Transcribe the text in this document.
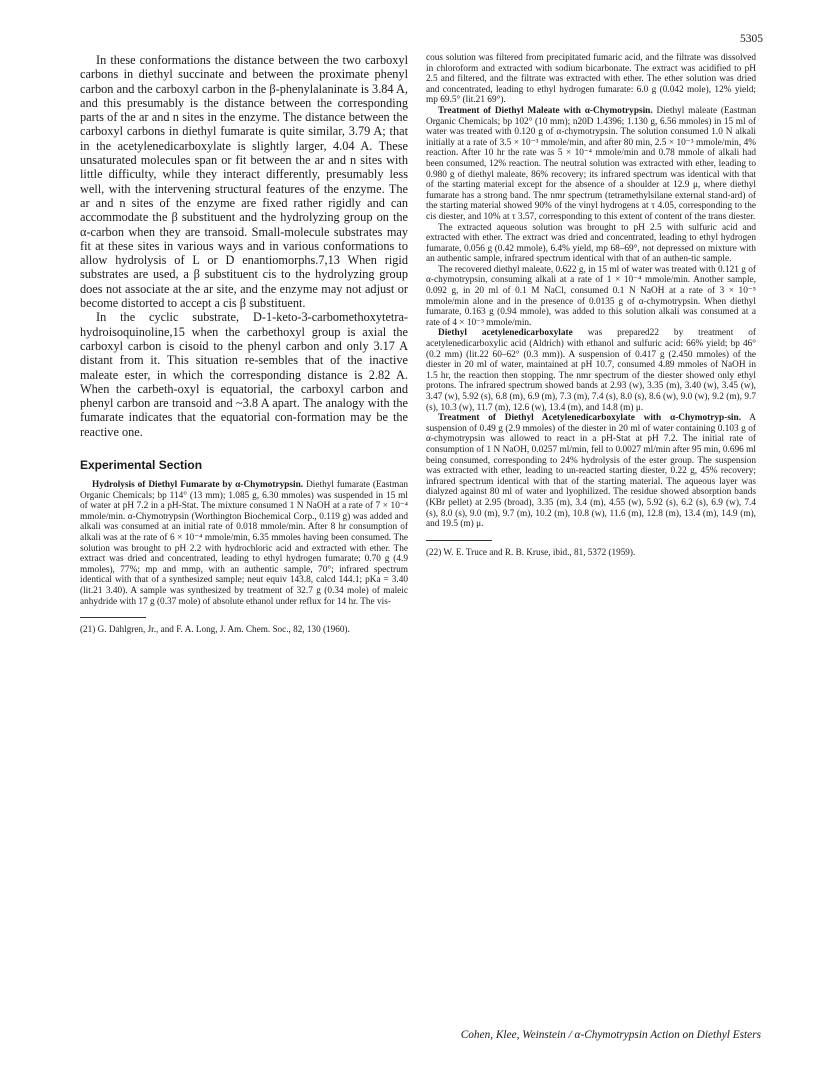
5305

In these conformations the distance between the two carboxyl carbons in diethyl succinate and between the proximate phenyl carbon and the carboxyl carbon in the β-phenylalaninate is 3.84 A, and this presumably is the distance between the corresponding parts of the ar and n sites in the enzyme. The distance between the carboxyl carbons in diethyl fumarate is quite similar, 3.79 A; that in the acetylenedicarboxylate is slightly larger, 4.04 A. These unsaturated molecules span or fit between the ar and n sites with little difficulty, while they interact differently, presumably less well, with the intervening structural features of the enzyme. The ar and n sites of the enzyme are fixed rather rigidly and can accommodate the β substituent and the hydrolyzing group on the α-carbon when they are transoid. Small-molecule substrates may fit at these sites in various ways and in various conformations to allow hydrolysis of L or D enantiomorphs.7,13 When rigid substrates are used, a β substituent cis to the hydrolyzing group does not associate at the ar site, and the enzyme may not adjust or become distorted to accept a cis β substituent.

In the cyclic substrate, D-1-keto-3-carbomethoxytetra-hydroisoquinoline,15 when the carbethoxyl group is axial the carboxyl carbon is cisoid to the phenyl carbon and only 3.17 A distant from it. This situation re-sembles that of the inactive maleate ester, in which the corresponding distance is 2.82 A. When the carbeth-oxyl is equatorial, the carboxyl carbon and phenyl carbon are transoid and ~3.8 A apart. The analogy with the fumarate indicates that the equatorial con-formation may be the reactive one.

Experimental Section

Hydrolysis of Diethyl Fumarate by α-Chymotrypsin. Diethyl fumarate (Eastman Organic Chemicals; bp 114° (13 mm); 1.085 g, 6.30 mmoles) was suspended in 15 ml of water at pH 7.2 in a pH-Stat. The mixture consumed 1 N NaOH at a rate of 7 × 10⁻⁴ mmole/min. α-Chymotrypsin (Worthington Biochemical Corp., 0.119 g) was added and alkali was consumed at an initial rate of 0.018 mmole/min. After 8 hr consumption of alkali was at the rate of 6 × 10⁻⁴ mmole/min, 6.35 mmoles having been consumed. The solution was brought to pH 2.2 with hydrochloric acid and extracted with ether. The extract was dried and concentrated, leading to ethyl hydrogen fumarate; 0.70 g (4.9 mmoles), 77%; mp and mmp, with an authentic sample, 70°; infrared spectrum identical with that of a synthesized sample; neut equiv 143.8, calcd 144.1; pKa = 3.40 (lit.21 3.40). A sample was synthesized by treatment of 32.7 g (0.34 mole) of maleic anhydride with 17 g (0.37 mole) of absolute ethanol under reflux for 14 hr. The vis-

(21) G. Dahlgren, Jr., and F. A. Long, J. Am. Chem. Soc., 82, 130 (1960).

cous solution was filtered from precipitated fumaric acid, and the filtrate was dissolved in chloroform and extracted with sodium bicarbonate. The extract was acidified to pH 2.5 and filtered, and the filtrate was extracted with ether. The ether solution was dried and concentrated, leading to ethyl hydrogen fumarate: 6.0 g (0.042 mole), 12% yield; mp 69.5° (lit.21 69°).

Treatment of Diethyl Maleate with α-Chymotrypsin. Diethyl maleate (Eastman Organic Chemicals; bp 102° (10 mm); n20D 1.4396; 1.130 g, 6.56 mmoles) in 15 ml of water was treated with 0.120 g of α-chymotrypsin. The solution consumed 1.0 N alkali initially at a rate of 3.5 × 10⁻³ mmole/min, and after 80 min, 2.5 × 10⁻³ mmole/min, 4% reaction. After 10 hr the rate was 5 × 10⁻⁴ mmole/min and 0.78 mmole of alkali had been consumed, 12% reaction. The neutral solution was extracted with ether, leading to 0.980 g of diethyl maleate, 86% recovery; its infrared spectrum was identical with that of the starting material except for the absence of a shoulder at 12.9 μ, where diethyl fumarate has a strong band. The nmr spectrum (tetramethylsilane external stand-ard) of the starting material showed 90% of the vinyl hydrogens at τ 4.05, corresponding to the cis diester, and 10% at τ 3.57, corresponding to this extent of content of the trans diester.

The extracted aqueous solution was brought to pH 2.5 with sulfuric acid and extracted with ether. The extract was dried and concentrated, leading to ethyl hydrogen fumarate, 0.056 g (0.42 mmole), 6.4% yield, mp 68–69°, not depressed on mixture with an authentic sample, infrared spectrum identical with that of an authen-tic sample.

The recovered diethyl maleate, 0.622 g, in 15 ml of water was treated with 0.121 g of α-chymotrypsin, consuming alkali at a rate of 1 × 10⁻⁴ mmole/min. Another sample, 0.092 g, in 20 ml of 0.1 M NaCl, consumed 0.1 N NaOH at a rate of 3 × 10⁻⁵ mmole/min alone and in the presence of 0.0135 g of α-chymotrypsin. When diethyl fumarate, 0.163 g (0.94 mmole), was added to this solution alkali was consumed at a rate of 4 × 10⁻³ mmole/min.

Diethyl acetylenedicarboxylate was prepared22 by treatment of acetylenedicarboxylic acid (Aldrich) with ethanol and sulfuric acid: 66% yield; bp 46° (0.2 mm) (lit.22 60–62° (0.3 mm)). A suspension of 0.417 g (2.450 mmoles) of the diester in 20 ml of water, maintained at pH 10.7, consumed 4.89 mmoles of NaOH in 1.5 hr, the reaction then stopping. The nmr spectrum of the diester showed only ethyl protons. The infrared spectrum showed bands at 2.93 (w), 3.35 (m), 3.40 (w), 3.45 (w), 3.47 (w), 5.92 (s), 6.8 (m), 6.9 (m), 7.3 (m), 7.4 (s), 8.0 (s), 8.6 (w), 9.0 (w), 9.2 (m), 9.7 (s), 10.3 (w), 11.7 (m), 12.6 (w), 13.4 (m), and 14.8 (m) μ.

Treatment of Diethyl Acetylenedicarboxylate with α-Chymotryp-sin. A suspension of 0.49 g (2.9 mmoles) of the diester in 20 ml of water containing 0.103 g of α-chymotrypsin was allowed to react in a pH-Stat at pH 7.2. The initial rate of consumption of 1 N NaOH, 0.0257 ml/min, fell to 0.0027 ml/min after 95 min, 0.696 ml being consumed, corresponding to 24% hydrolysis of the ester group. The suspension was extracted with ether, leading to un-reacted starting diester, 0.22 g, 45% recovery; infrared spectrum identical with that of the starting material. The aqueous layer was dialyzed against 80 ml of water and lyophilized. The residue showed absorption bands (KBr pellet) at 2.95 (broad), 3.35 (m), 3.4 (m), 4.55 (w), 5.92 (s), 6.2 (s), 6.9 (w), 7.4 (s), 8.0 (s), 9.0 (m), 9.7 (m), 10.2 (m), 10.8 (w), 11.6 (m), 12.8 (m), 13.4 (m), 14.9 (m), and 19.5 (m) μ.

(22) W. E. Truce and R. B. Kruse, ibid., 81, 5372 (1959).
Cohen, Klee, Weinstein / α-Chymotrypsin Action on Diethyl Esters
